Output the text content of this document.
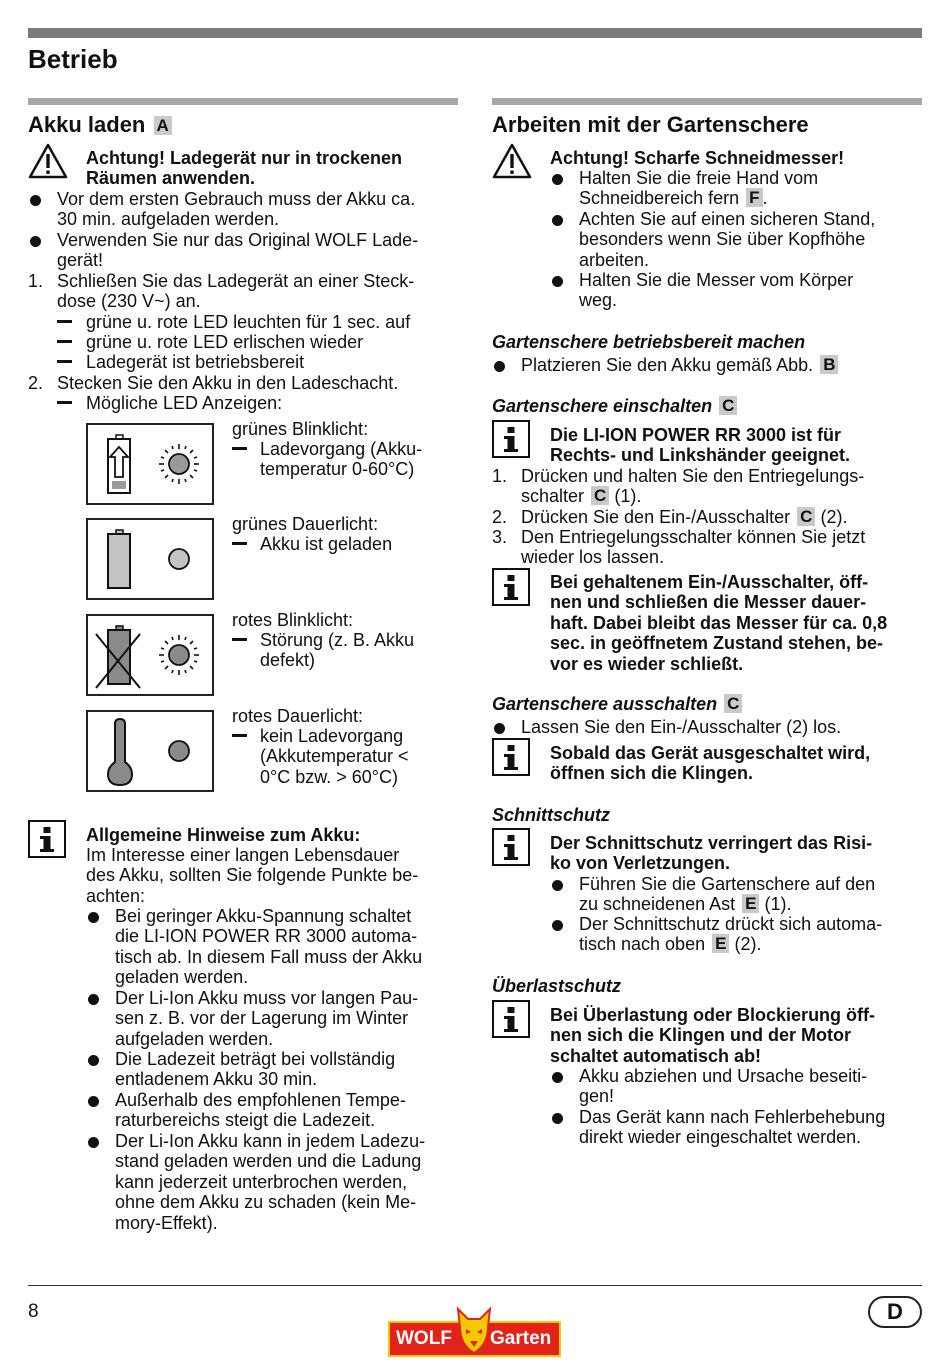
Betrieb
Akku laden A
Achtung! Ladegerät nur in trockenen
Räumen anwenden.
Vor dem ersten Gebrauch muss der Akku ca.
30 min. aufgeladen werden.
Verwenden Sie nur das Original WOLF Lade-
gerät!
1. Schließen Sie das Ladegerät an einer Steck-
dose (230 V~) an.
grüne u. rote LED leuchten für 1 sec. auf
grüne u. rote LED erlischen wieder
Ladegerät ist betriebsbereit
2. Stecken Sie den Akku in den Ladeschacht.
Mögliche LED Anzeigen:
grünes Blinklicht:
Ladevorgang (Akku-
temperatur 0-60°C)
grünes Dauerlicht:
Akku ist geladen
rotes Blinklicht:
Störung (z. B. Akku
defekt)
rotes Dauerlicht:
kein Ladevorgang
(Akkutemperatur <
0°C bzw. > 60°C)
Allgemeine Hinweise zum Akku:
Im Interesse einer langen Lebensdauer
des Akku, sollten Sie folgende Punkte be-
achten:
Bei geringer Akku-Spannung schaltet
die LI-ION POWER RR 3000 automa-
tisch ab. In diesem Fall muss der Akku
geladen werden.
Der Li-Ion Akku muss vor langen Pau-
sen z. B. vor der Lagerung im Winter
aufgeladen werden.
Die Ladezeit beträgt bei vollständig
entladenem Akku 30 min.
Außerhalb des empfohlenen Tempe-
raturbereichs steigt die Ladezeit.
Der Li-Ion Akku kann in jedem Ladezu-
stand geladen werden und die Ladung
kann jederzeit unterbrochen werden,
ohne dem Akku zu schaden (kein Me-
mory-Effekt).
Arbeiten mit der Gartenschere
Achtung! Scharfe Schneidmesser!
Halten Sie die freie Hand vom
Schneidbereich fern F .
Achten Sie auf einen sicheren Stand,
besonders wenn Sie über Kopfhöhe
arbeiten.
Halten Sie die Messer vom Körper
weg.
Gartenschere betriebsbereit machen
Platzieren Sie den Akku gemäß Abb. B
Gartenschere einschalten C
Die LI-ION POWER RR 3000 ist für
Rechts- und Linkshänder geeignet.
1. Drücken und halten Sie den Entriegelungs-
schalter C (1).
2. Drücken Sie den Ein-/Ausschalter C (2).
3. Den Entriegelungsschalter können Sie jetzt
wieder los lassen.
Bei gehaltenem Ein-/Ausschalter, öff-
nen und schließen die Messer dauer-
haft. Dabei bleibt das Messer für ca. 0,8
sec. in geöffnetem Zustand stehen, be-
vor es wieder schließt.
Gartenschere ausschalten C
Lassen Sie den Ein-/Ausschalter (2) los.
Sobald das Gerät ausgeschaltet wird,
öffnen sich die Klingen.
Schnittschutz
Der Schnittschutz verringert das Risi-
ko von Verletzungen.
Führen Sie die Gartenschere auf den
zu schneidenen Ast E (1).
Der Schnittschutz drückt sich automa-
tisch nach oben E (2).
Überlastschutz
Bei Überlastung oder Blockierung öff-
nen sich die Klingen und der Motor
schaltet automatisch ab!
Akku abziehen und Ursache beseiti-
gen!
Das Gerät kann nach Fehlerbehebung
direkt wieder eingeschaltet werden.
8	D
WOLF Garten
